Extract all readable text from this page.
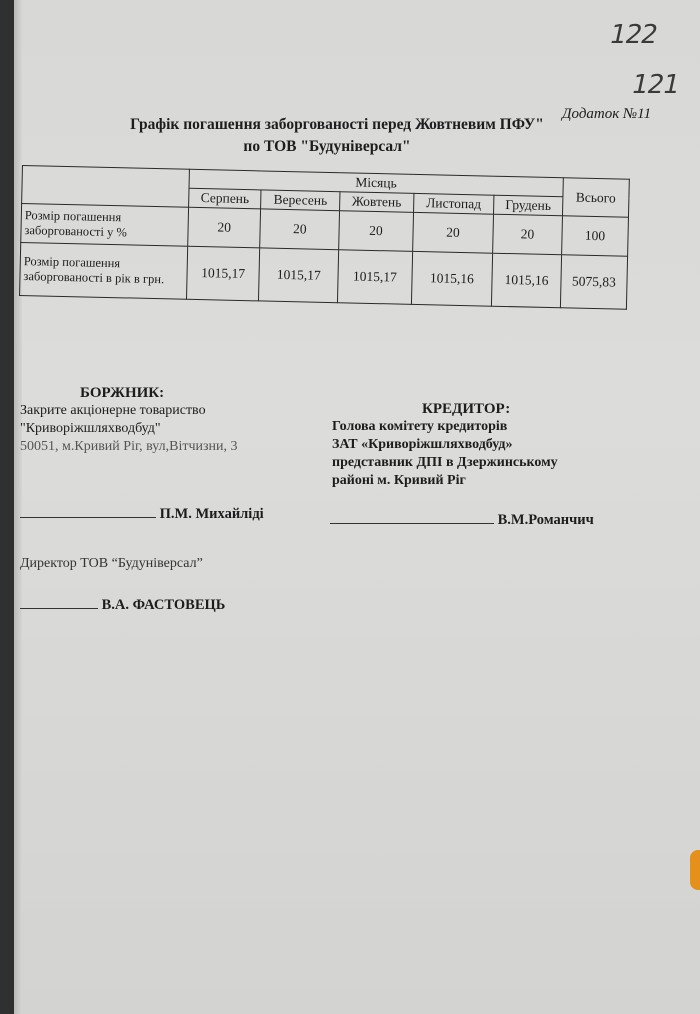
122
121
Додаток №11
Графік погашення заборгованості перед Жовтневим ПФУ"
по ТОВ "Будуніверсал"
	Місяць					Всього
	Серпень	Вересень	Жовтень	Листопад	Грудень	
Розмір погашення заборгованості у %	20	20	20	20	20	100
Розмір погашення заборгованості в рік в грн.	1015,17	1015,17	1015,17	1015,16	1015,16	5075,83
БОРЖНИК:
Закрите акціонерне товариство
"Криворіжшляхводбуд"
50051, м.Кривий Ріг, вул,Вітчизни, 3
КРЕДИТОР:
Голова комітету кредиторів
ЗАТ «Криворіжшляхводбуд»
представник ДПІ в Дзержинському
районі м. Кривий Ріг
П.М. Михайліді	В.М.Романчич
Директор ТОВ “Будуніверсал”
В.А. ФАСТОВЕЦЬ
